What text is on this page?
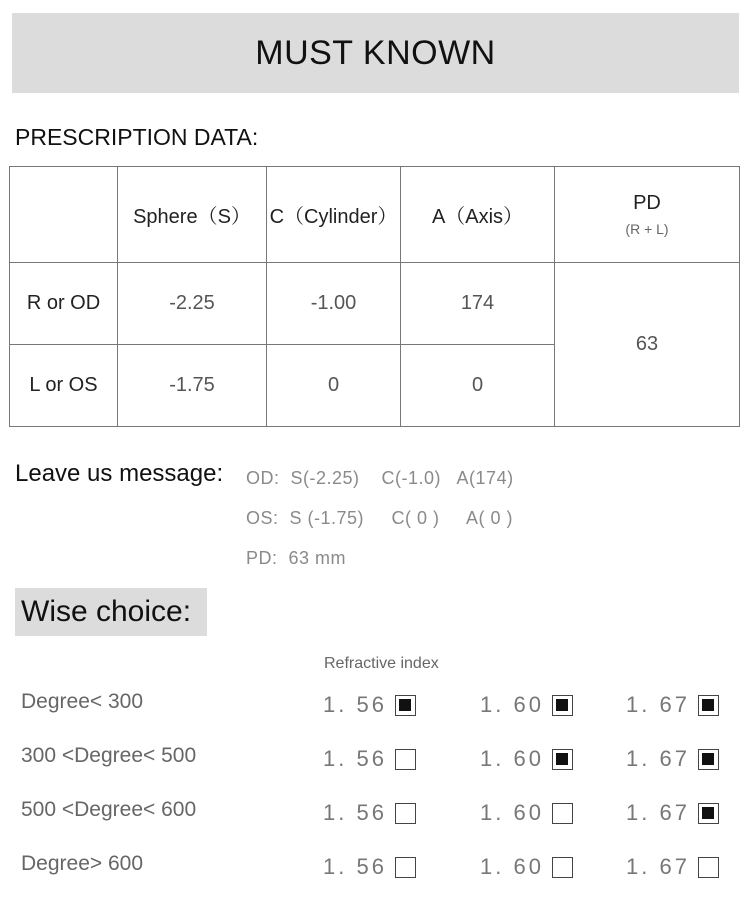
MUST KNOWN
PRESCRIPTION DATA:
	Sphere（S）	C（Cylinder）	A（Axis）	PD
(R + L)

R or OD	-2.25	-1.00	174	63
L or OS	-1.75	0	0	
Leave us message: OD:  S(-2.25)    C(-1.0)   A(174)
OS:  S (-1.75)     C( 0 )     A( 0 )
PD:  63 mm
Wise choice:
Refractive index
Degree< 300	1. 56	1. 60	1. 67
300 <Degree< 500	1. 56	1. 60	1. 67
500 <Degree< 600	1. 56	1. 60	1. 67
Degree> 600	1. 56	1. 60	1. 67
